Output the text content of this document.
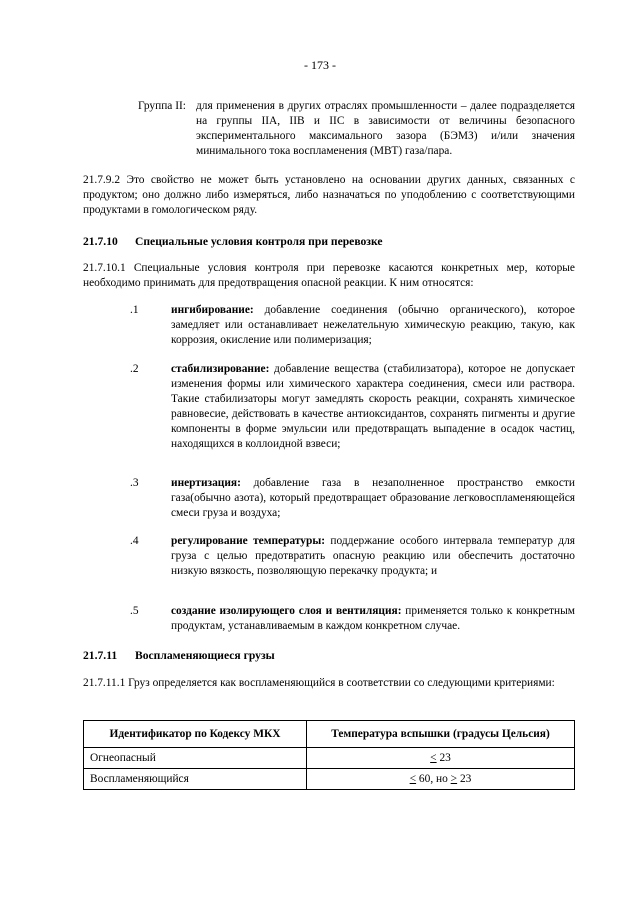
- 173 -
Группа II: для применения в других отраслях промышленности – далее подразделяется на группы IIA, IIB и IIC в зависимости от величины безопасного экспериментального максимального зазора (БЭМЗ) и/или значения минимального тока воспламенения (МВТ) газа/пара.
21.7.9.2 Это свойство не может быть установлено на основании других данных, связанных с продуктом; оно должно либо измеряться, либо назначаться по уподоблению с соответствующими продуктами в гомологическом ряду.
21.7.10 Специальные условия контроля при перевозке
21.7.10.1 Специальные условия контроля при перевозке касаются конкретных мер, которые необходимо принимать для предотвращения опасной реакции. К ним относятся:
.1	ингибирование: добавление соединения (обычно органического), которое замедляет или останавливает нежелательную химическую реакцию, такую, как коррозия, окисление или полимеризация;
.2	стабилизирование: добавление вещества (стабилизатора), которое не допускает изменения формы или химического характера соединения, смеси или раствора. Такие стабилизаторы могут замедлять скорость реакции, сохранять химическое равновесие, действовать в качестве антиоксидантов, сохранять пигменты и другие компоненты в форме эмульсии или предотвращать выпадение в осадок частиц, находящихся в коллоидной взвеси;
.3	инертизация: добавление газа в незаполненное пространство емкости газа(обычно азота), который предотвращает образование легковоспламеняющейся смеси груза и воздуха;
.4	регулирование температуры: поддержание особого интервала температур для груза с целью предотвратить опасную реакцию или обеспечить достаточно низкую вязкость, позволяющую перекачку продукта; и
.5	создание изолирующего слоя и вентиляция: применяется только к конкретным продуктам, устанавливаемым в каждом конкретном случае.
21.7.11 Воспламеняющиеся грузы
21.7.11.1 Груз определяется как воспламеняющийся в соответствии со следующими критериями:
Идентификатор по Кодексу МКХ	Температура вспышки (градусы Цельсия)
Огнеопасный	≤ 23
Воспламеняющийся	≤ 60, но ≥ 23
